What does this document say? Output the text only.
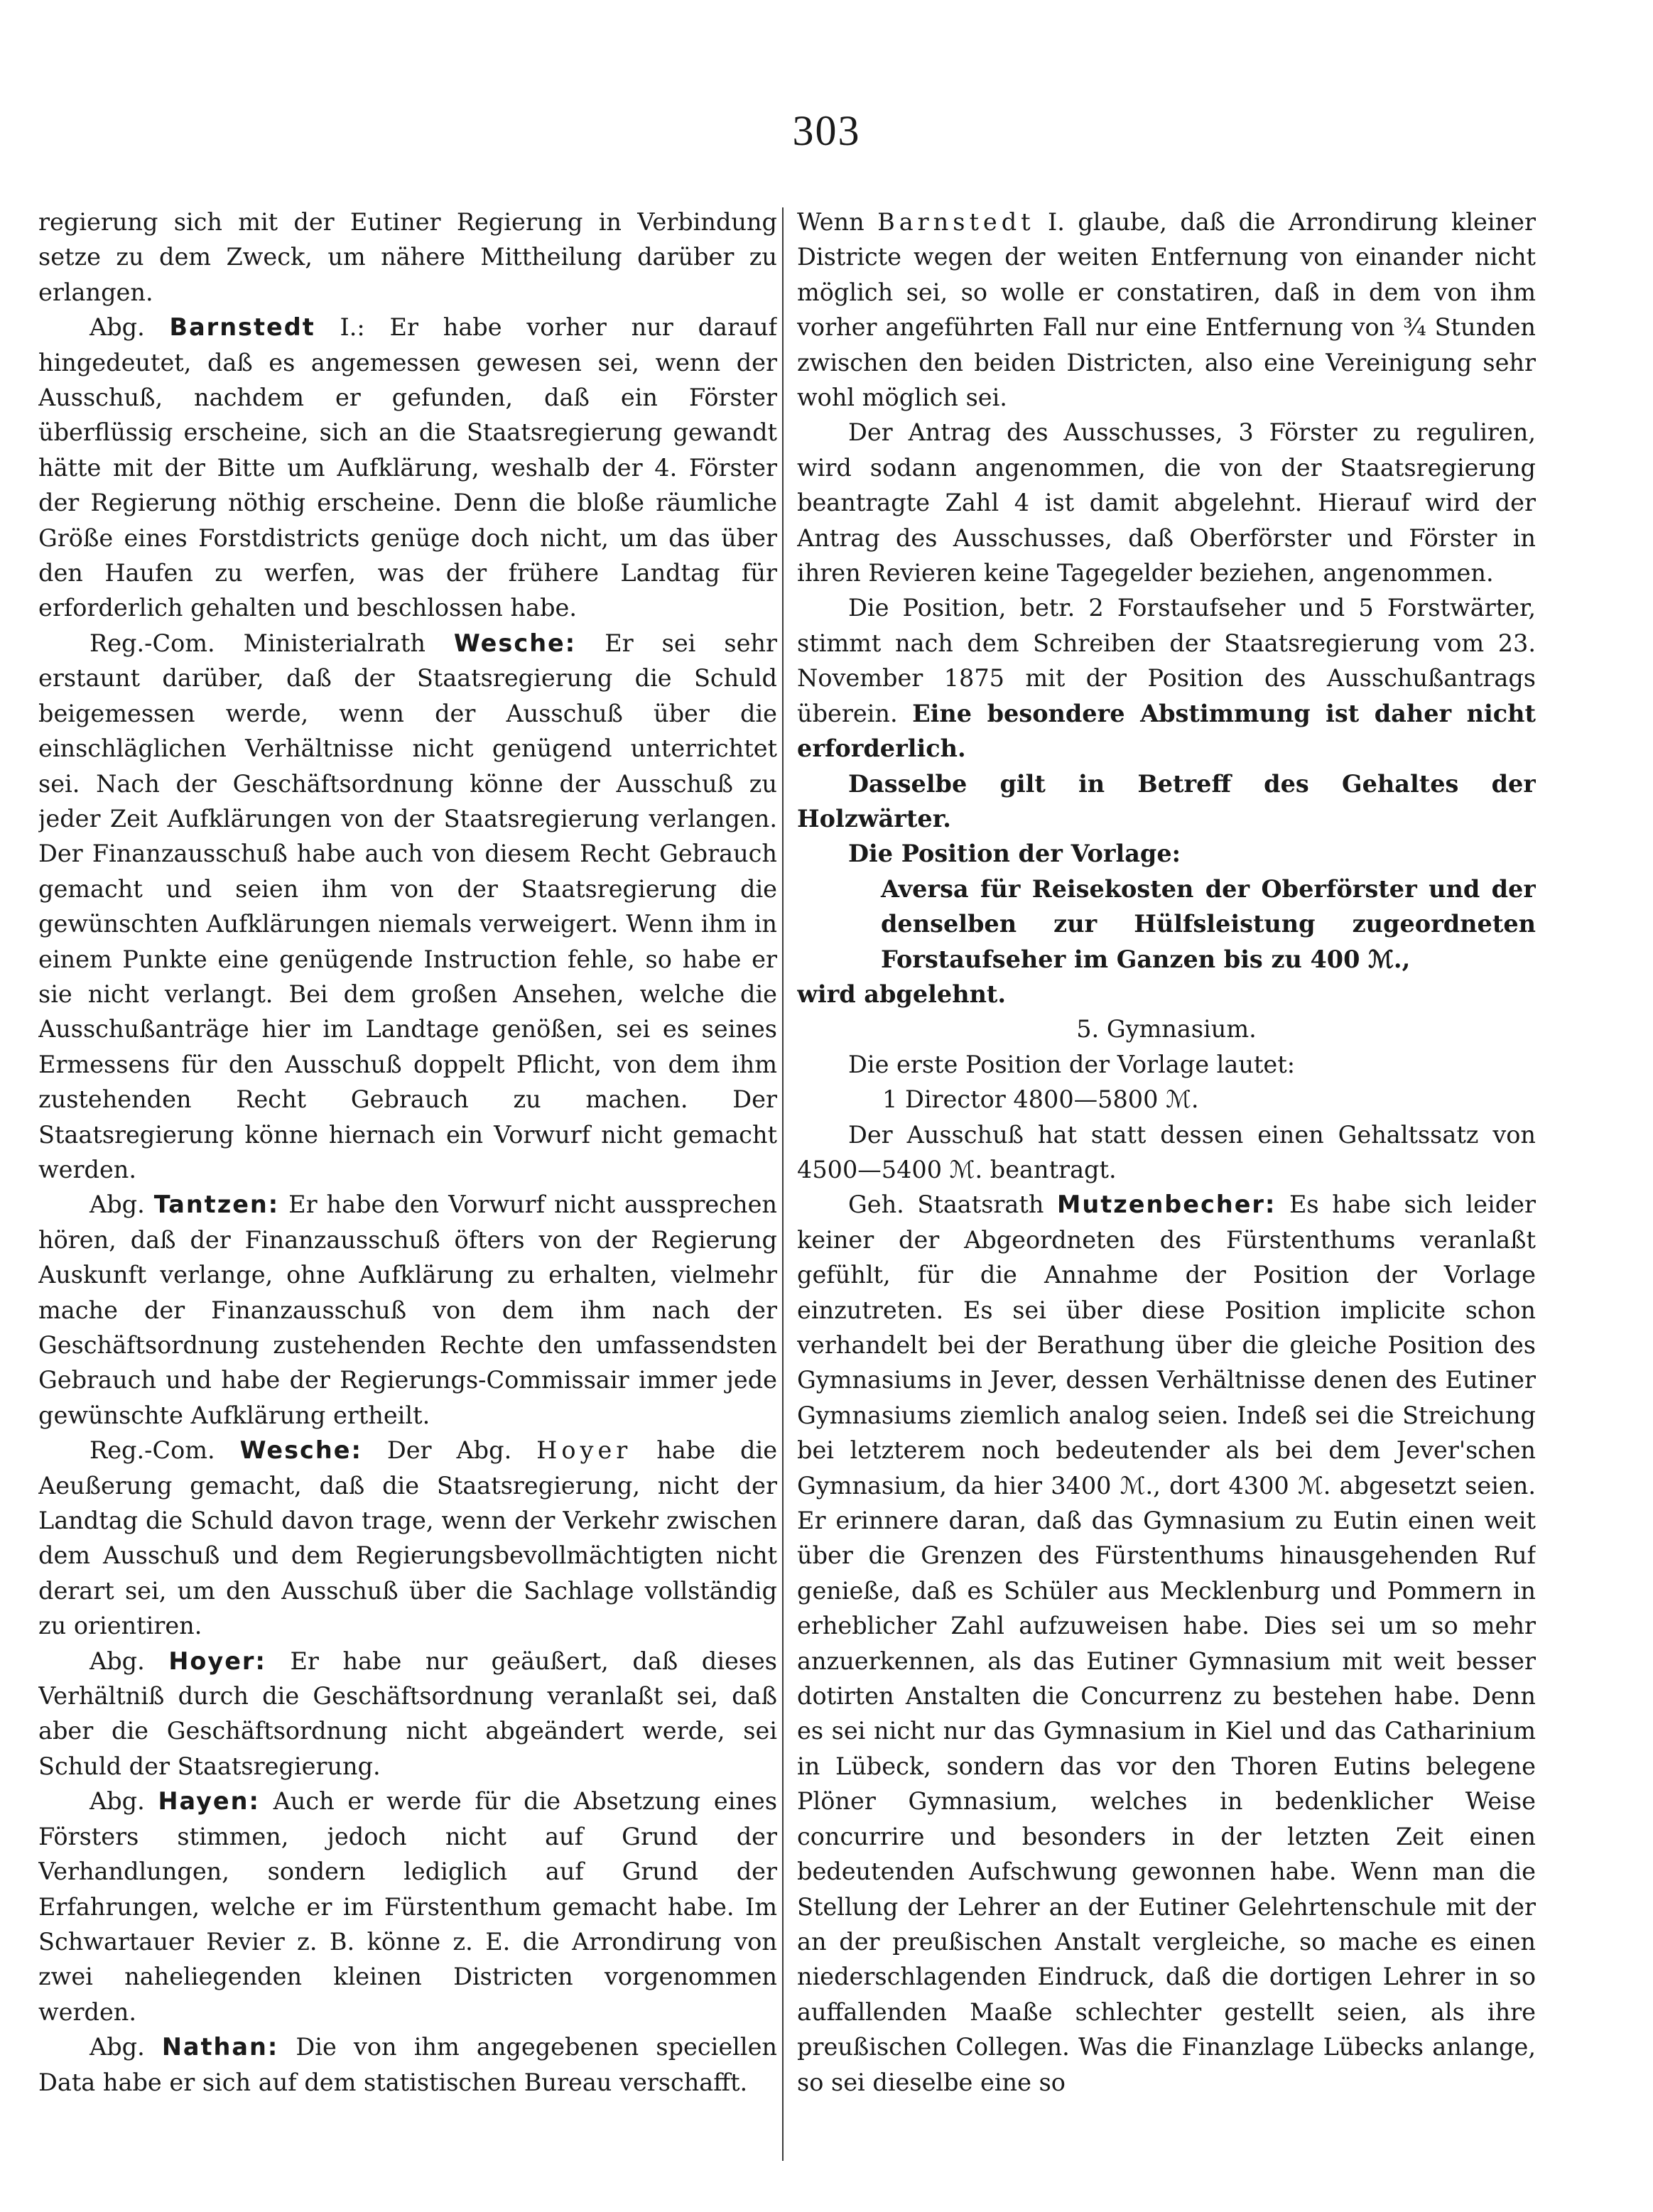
303

regierung sich mit der Eutiner Regierung in Verbindung setze zu dem Zweck, um nähere Mittheilung darüber zu erlangen.

Abg. Barnstedt I.: Er habe vorher nur darauf hingedeutet, daß es angemessen gewesen sei, wenn der Ausschuß, nachdem er gefunden, daß ein Förster überflüssig erscheine, sich an die Staatsregierung gewandt hätte mit der Bitte um Aufklärung, weshalb der 4. Förster der Regierung nöthig erscheine. Denn die bloße räumliche Größe eines Forstdistricts genüge doch nicht, um das über den Haufen zu werfen, was der frühere Landtag für erforderlich gehalten und beschlossen habe.

Reg.-Com. Ministerialrath Wesche: Er sei sehr erstaunt darüber, daß der Staatsregierung die Schuld beigemessen werde, wenn der Ausschuß über die einschläglichen Verhältnisse nicht genügend unterrichtet sei. Nach der Geschäftsordnung könne der Ausschuß zu jeder Zeit Aufklärungen von der Staatsregierung verlangen. Der Finanzausschuß habe auch von diesem Recht Gebrauch gemacht und seien ihm von der Staatsregierung die gewünschten Aufklärungen niemals verweigert. Wenn ihm in einem Punkte eine genügende Instruction fehle, so habe er sie nicht verlangt. Bei dem großen Ansehen, welche die Ausschußanträge hier im Landtage genößen, sei es seines Ermessens für den Ausschuß doppelt Pflicht, von dem ihm zustehenden Recht Gebrauch zu machen. Der Staatsregierung könne hiernach ein Vorwurf nicht gemacht werden.

Abg. Tantzen: Er habe den Vorwurf nicht aussprechen hören, daß der Finanzausschuß öfters von der Regierung Auskunft verlange, ohne Aufklärung zu erhalten, vielmehr mache der Finanzausschuß von dem ihm nach der Geschäftsordnung zustehenden Rechte den umfassendsten Gebrauch und habe der Regierungs-Commissair immer jede gewünschte Aufklärung ertheilt.

Reg.-Com. Wesche: Der Abg. Hoyer habe die Aeußerung gemacht, daß die Staatsregierung, nicht der Landtag die Schuld davon trage, wenn der Verkehr zwischen dem Ausschuß und dem Regierungsbevollmächtigten nicht derart sei, um den Ausschuß über die Sachlage vollständig zu orientiren.

Abg. Hoyer: Er habe nur geäußert, daß dieses Verhältniß durch die Geschäftsordnung veranlaßt sei, daß aber die Geschäftsordnung nicht abgeändert werde, sei Schuld der Staatsregierung.

Abg. Hayen: Auch er werde für die Absetzung eines Försters stimmen, jedoch nicht auf Grund der Verhandlungen, sondern lediglich auf Grund der Erfahrungen, welche er im Fürstenthum gemacht habe. Im Schwartauer Revier z. B. könne z. E. die Arrondirung von zwei naheliegenden kleinen Districten vorgenommen werden.

Abg. Nathan: Die von ihm angegebenen speciellen Data habe er sich auf dem statistischen Bureau verschafft.

Wenn Barnstedt I. glaube, daß die Arrondirung kleiner Districte wegen der weiten Entfernung von einander nicht möglich sei, so wolle er constatiren, daß in dem von ihm vorher angeführten Fall nur eine Entfernung von ¾ Stunden zwischen den beiden Districten, also eine Vereinigung sehr wohl möglich sei.

Der Antrag des Ausschusses, 3 Förster zu reguliren, wird sodann angenommen, die von der Staatsregierung beantragte Zahl 4 ist damit abgelehnt. Hierauf wird der Antrag des Ausschusses, daß Oberförster und Förster in ihren Revieren keine Tagegelder beziehen, angenommen.

Die Position, betr. 2 Forstaufseher und 5 Forstwärter, stimmt nach dem Schreiben der Staatsregierung vom 23. November 1875 mit der Position des Ausschußantrags überein. Eine besondere Abstimmung ist daher nicht erforderlich.

Dasselbe gilt in Betreff des Gehaltes der Holzwärter.

Die Position der Vorlage:

Aversa für Reisekosten der Oberförster und der denselben zur Hülfsleistung zugeordneten Forstaufseher im Ganzen bis zu 400 ℳ.,

wird abgelehnt.

5. Gymnasium.

Die erste Position der Vorlage lautet:

1 Director 4800—5800 ℳ.

Der Ausschuß hat statt dessen einen Gehaltssatz von 4500—5400 ℳ. beantragt.

Geh. Staatsrath Mutzenbecher: Es habe sich leider keiner der Abgeordneten des Fürstenthums veranlaßt gefühlt, für die Annahme der Position der Vorlage einzutreten. Es sei über diese Position implicite schon verhandelt bei der Berathung über die gleiche Position des Gymnasiums in Jever, dessen Verhältnisse denen des Eutiner Gymnasiums ziemlich analog seien. Indeß sei die Streichung bei letzterem noch bedeutender als bei dem Jever'schen Gymnasium, da hier 3400 ℳ., dort 4300 ℳ. abgesetzt seien. Er erinnere daran, daß das Gymnasium zu Eutin einen weit über die Grenzen des Fürstenthums hinausgehenden Ruf genieße, daß es Schüler aus Mecklenburg und Pommern in erheblicher Zahl aufzuweisen habe. Dies sei um so mehr anzuerkennen, als das Eutiner Gymnasium mit weit besser dotirten Anstalten die Concurrenz zu bestehen habe. Denn es sei nicht nur das Gymnasium in Kiel und das Catharinium in Lübeck, sondern das vor den Thoren Eutins belegene Plöner Gymnasium, welches in bedenklicher Weise concurrire und besonders in der letzten Zeit einen bedeutenden Aufschwung gewonnen habe. Wenn man die Stellung der Lehrer an der Eutiner Gelehrtenschule mit der an der preußischen Anstalt vergleiche, so mache es einen niederschlagenden Eindruck, daß die dortigen Lehrer in so auffallenden Maaße schlechter gestellt seien, als ihre preußischen Collegen. Was die Finanzlage Lübecks anlange, so sei dieselbe eine so
